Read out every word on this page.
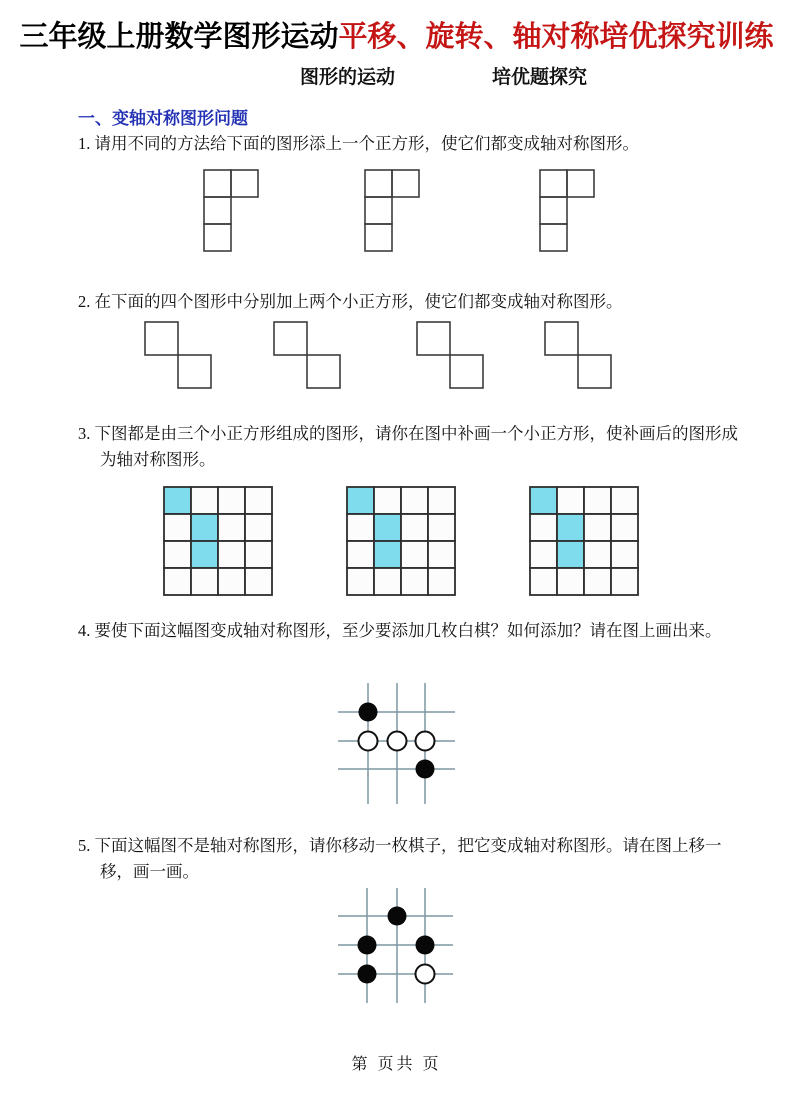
三年级上册数学图形运动平移、旋转、轴对称培优探究训练
图形的运动	培优题探究
一、变轴对称图形问题
1. 请用不同的方法给下面的图形添上一个正方形，使它们都变成轴对称图形。
2. 在下面的四个图形中分别加上两个小正方形，使它们都变成轴对称图形。
3. 下图都是由三个小正方形组成的图形，请你在图中补画一个小正方形，使补画后的图形成为轴对称图形。
4. 要使下面这幅图变成轴对称图形，至少要添加几枚白棋？如何添加？请在图上画出来。
5. 下面这幅图不是轴对称图形，请你移动一枚棋子，把它变成轴对称图形。请在图上移一移，画一画。
第 页共 页
